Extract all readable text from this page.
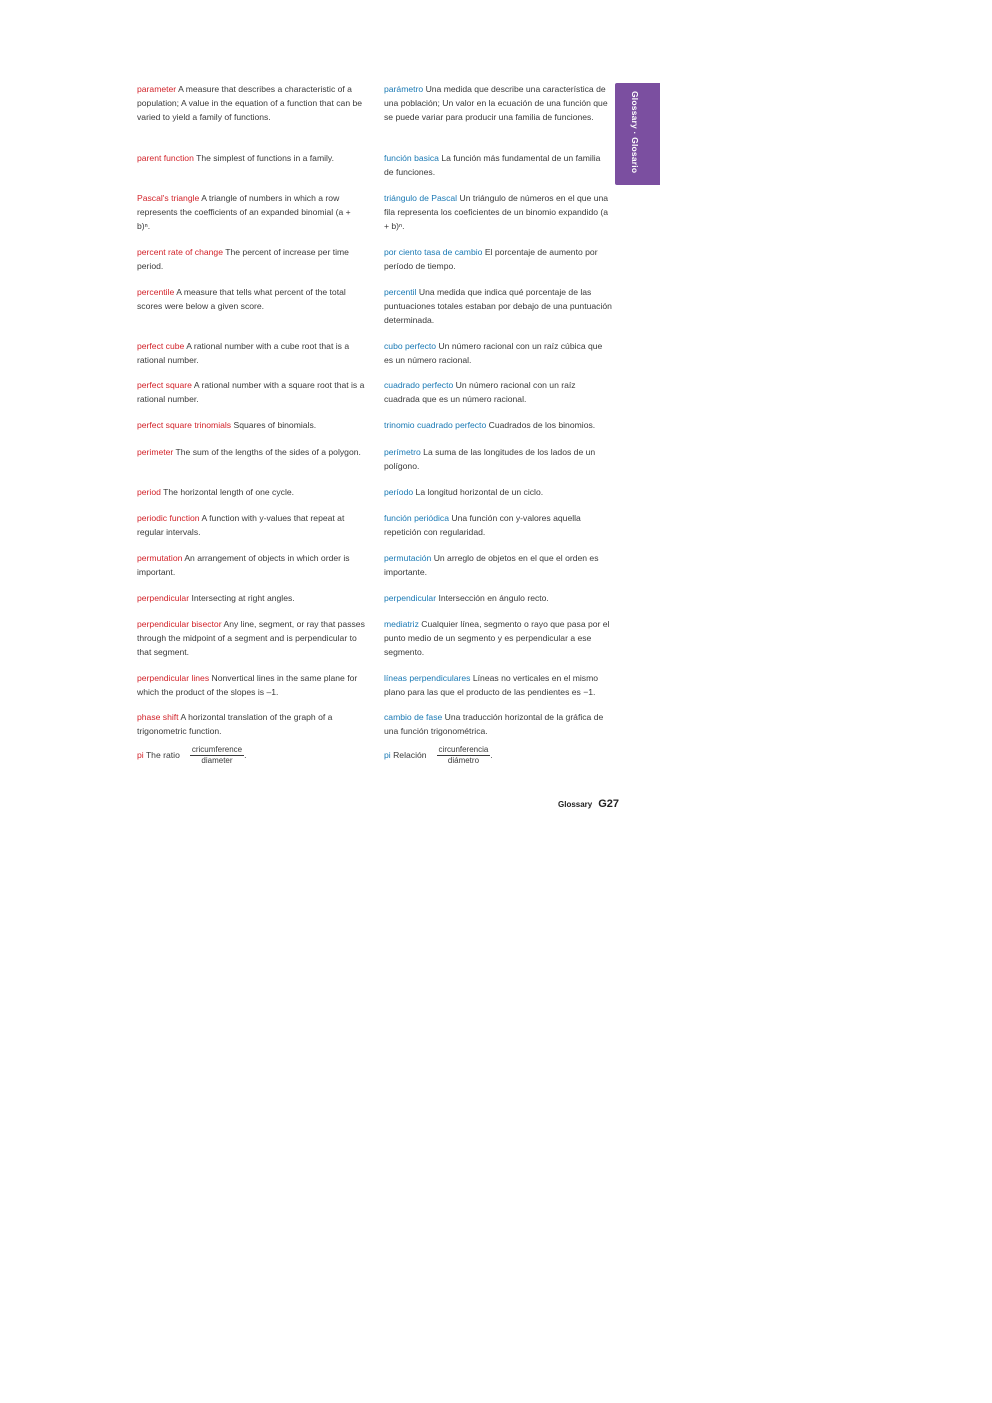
parameter A measure that describes a characteristic of a population; A value in the equation of a function that can be varied to yield a family of functions.
parent function The simplest of functions in a family.
Pascal's triangle A triangle of numbers in which a row represents the coefficients of an expanded binomial (a + b)ⁿ.
percent rate of change The percent of increase per time period.
percentile A measure that tells what percent of the total scores were below a given score.
perfect cube A rational number with a cube root that is a rational number.
perfect square A rational number with a square root that is a rational number.
perfect square trinomials Squares of binomials.
perimeter The sum of the lengths of the sides of a polygon.
period The horizontal length of one cycle.
periodic function A function with y-values that repeat at regular intervals.
permutation An arrangement of objects in which order is important.
perpendicular Intersecting at right angles.
perpendicular bisector Any line, segment, or ray that passes through the midpoint of a segment and is perpendicular to that segment.
perpendicular lines Nonvertical lines in the same plane for which the product of the slopes is –1.
phase shift A horizontal translation of the graph of a trigonometric function.
pi The ratio $\frac{\text{cricumference}}{\text{diameter}}$ .
parámetro Una medida que describe una característica de una población; Un valor en la ecuación de una función que se puede variar para producir una familia de funciones.
función basica La función más fundamental de un familia de funciones.
triángulo de Pascal Un triángulo de números en el que una fila representa los coeficientes de un binomio expandido (a + b)ⁿ.
por ciento tasa de cambio El porcentaje de aumento por período de tiempo.
percentil Una medida que indica qué porcentaje de las puntuaciones totales estaban por debajo de una puntuación determinada.
cubo perfecto Un número racional con un raíz cúbica que es un número racional.
cuadrado perfecto Un número racional con un raíz cuadrada que es un número racional.
trinomio cuadrado perfecto Cuadrados de los binomios.
perímetro La suma de las longitudes de los lados de un polígono.
período La longitud horizontal de un ciclo.
función periódica Una función con y-valores aquella repetición con regularidad.
permutación Un arreglo de objetos en el que el orden es importante.
perpendicular Intersección en ángulo recto.
mediatriz Cualquier línea, segmento o rayo que pasa por el punto medio de un segmento y es perpendicular a ese segmento.
líneas perpendiculares Líneas no verticales en el mismo plano para las que el producto de las pendientes es −1.
cambio de fase Una traducción horizontal de la gráfica de una función trigonométrica.
pi Relación $\frac{\text{circunferencia}}{\text{diámetro}}$ .
Glossary · Glosario
Glossary G27
